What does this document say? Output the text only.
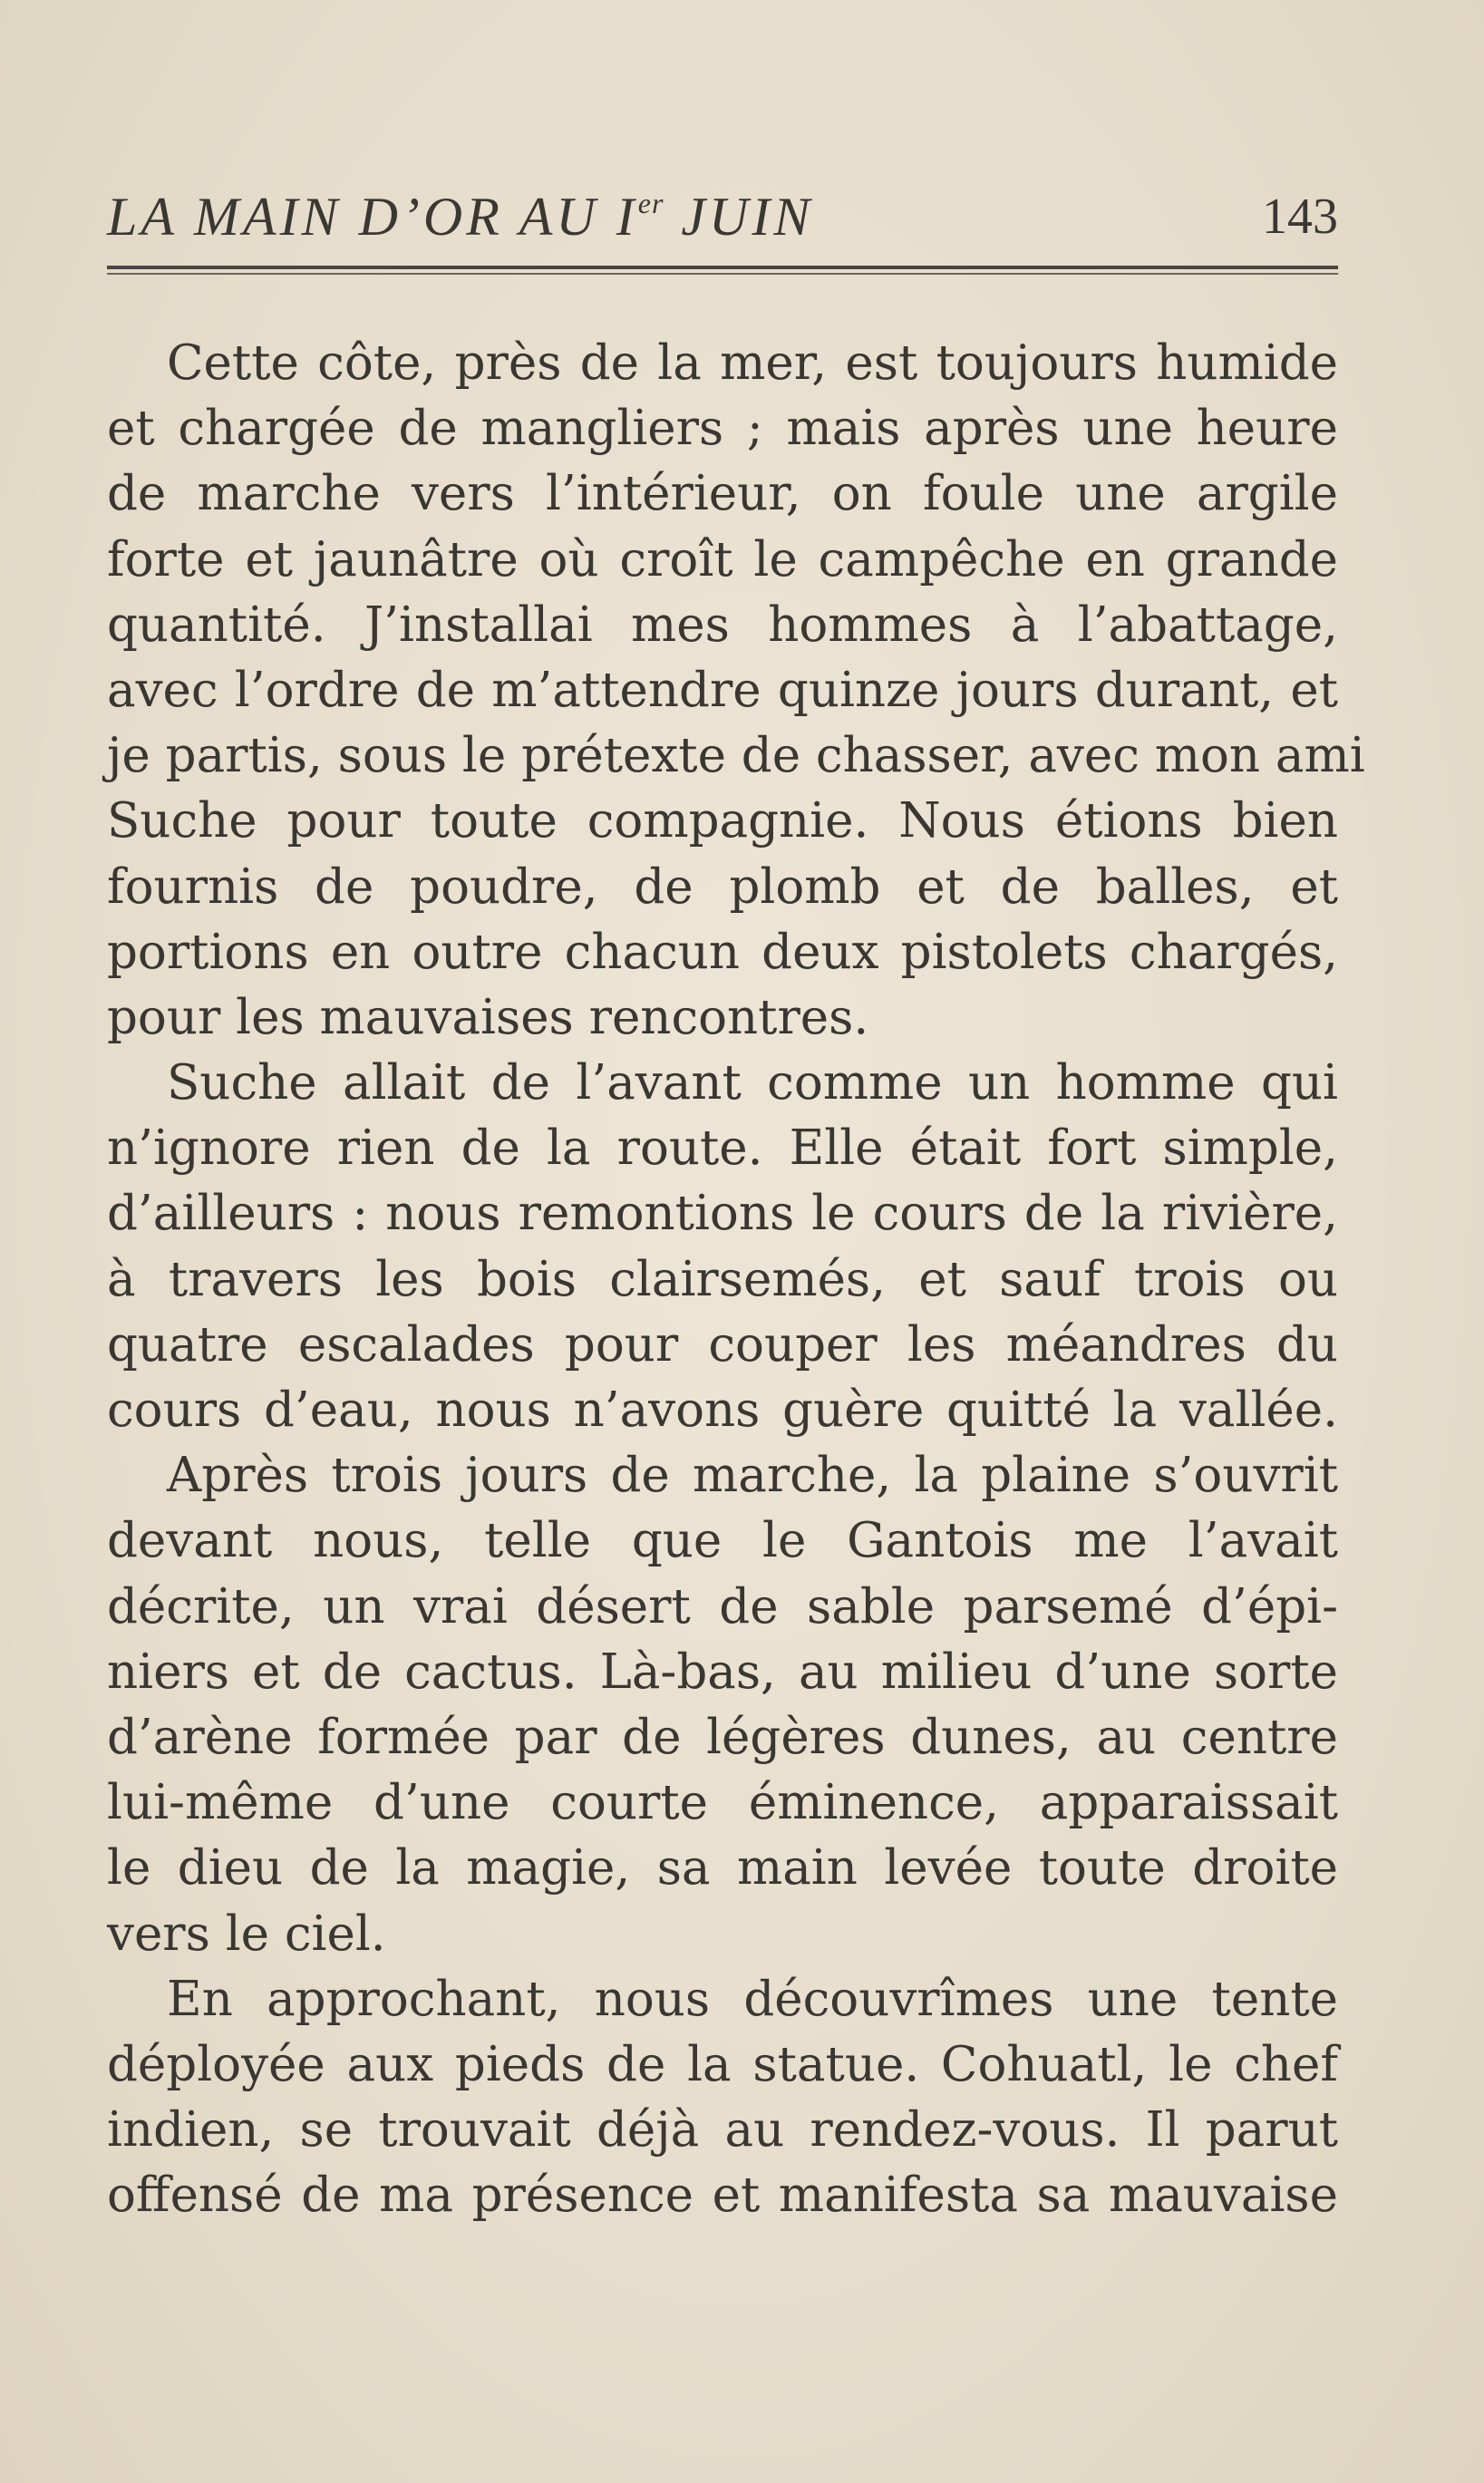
LA MAIN D’OR AU Ier JUIN	143
Cette côte, près de la mer, est toujours humide
et chargée de mangliers ; mais après une heure
de marche vers l’intérieur, on foule une argile
forte et jaunâtre où croît le campêche en grande
quantité. J’installai mes hommes à l’abattage,
avec l’ordre de m’attendre quinze jours durant, et
je partis, sous le prétexte de chasser, avec mon ami
Suche pour toute compagnie. Nous étions bien
fournis de poudre, de plomb et de balles, et
portions en outre chacun deux pistolets chargés,
pour les mauvaises rencontres.
Suche allait de l’avant comme un homme qui
n’ignore rien de la route. Elle était fort simple,
d’ailleurs : nous remontions le cours de la rivière,
à travers les bois clairsemés, et sauf trois ou
quatre escalades pour couper les méandres du
cours d’eau, nous n’avons guère quitté la vallée.
Après trois jours de marche, la plaine s’ouvrit
devant nous, telle que le Gantois me l’avait
décrite, un vrai désert de sable parsemé d’épi-
niers et de cactus. Là-bas, au milieu d’une sorte
d’arène formée par de légères dunes, au centre
lui-même d’une courte éminence, apparaissait
le dieu de la magie, sa main levée toute droite
vers le ciel.
En approchant, nous découvrîmes une tente
déployée aux pieds de la statue. Cohuatl, le chef
indien, se trouvait déjà au rendez-vous. Il parut
offensé de ma présence et manifesta sa mauvaise
